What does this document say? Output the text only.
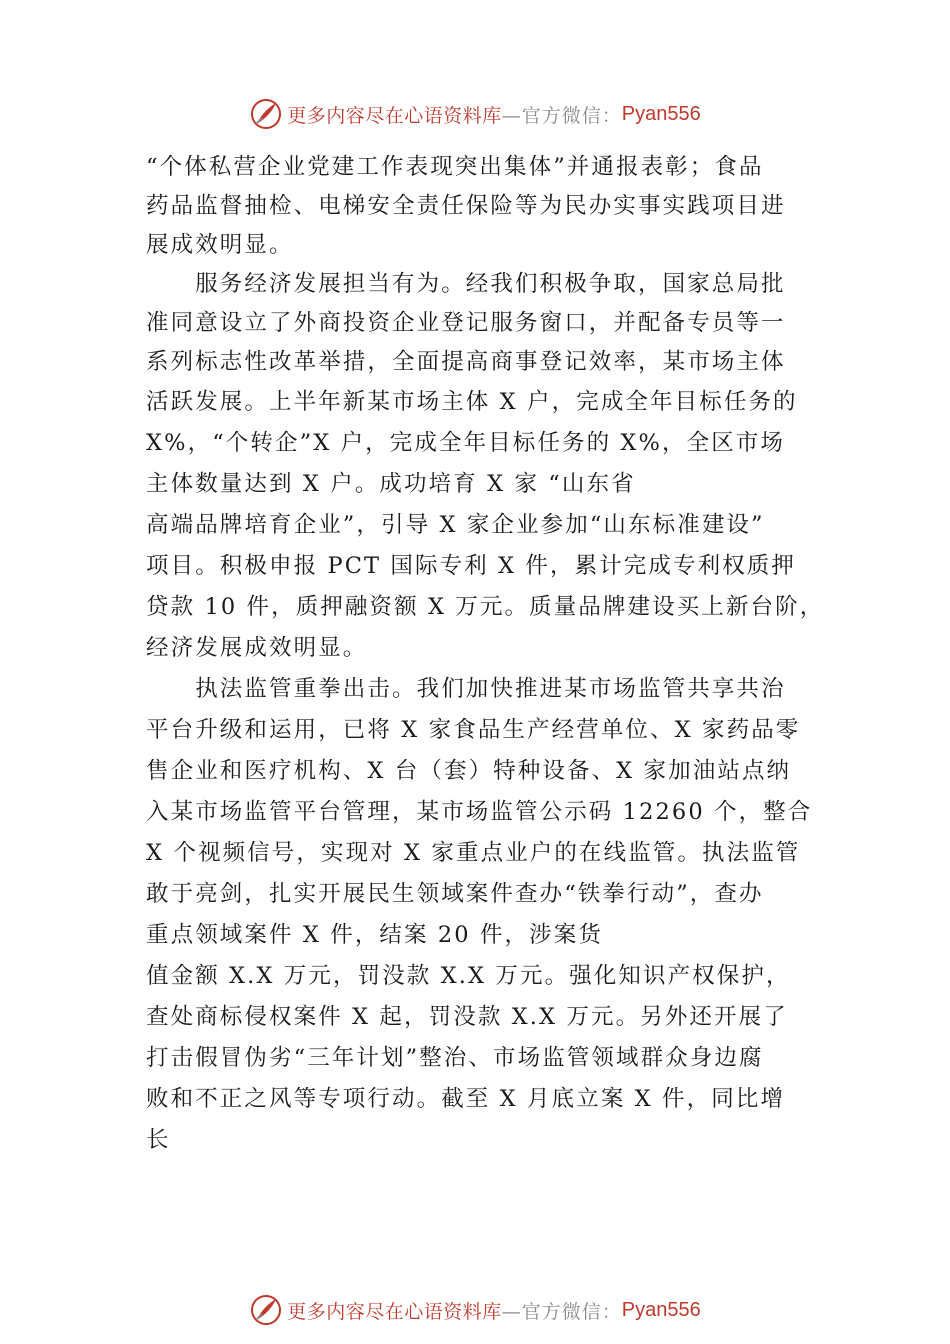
更多内容尽在心语资料库 —官方微信： Pyan556
“个体私营企业党建工作表现突出集体”并通报表彰；食品
药品监督抽检、电梯安全责任保险等为民办实事实践项目进
展成效明显。
　　服务经济发展担当有为。经我们积极争取，国家总局批
准同意设立了外商投资企业登记服务窗口，并配备专员等一
系列标志性改革举措，全面提高商事登记效率，某市场主体
活跃发展。上半年新某市场主体 X 户，完成全年目标任务的
X%，“个转企”X 户，完成全年目标任务的 X%，全区市场
主体数量达到 X 户。成功培育 X 家 “山东省
高端品牌培育企业”，引导 X 家企业参加“山东标准建设”
项目。积极申报 PCT 国际专利 X 件，累计完成专利权质押
贷款 10 件，质押融资额 X 万元。质量品牌建设买上新台阶，
经济发展成效明显。
　　执法监管重拳出击。我们加快推进某市场监管共享共治
平台升级和运用，已将 X 家食品生产经营单位、X 家药品零
售企业和医疗机构、X 台（套）特种设备、X 家加油站点纳
入某市场监管平台管理，某市场监管公示码 12260 个，整合
X 个视频信号，实现对 X 家重点业户的在线监管。执法监管
敢于亮剑，扎实开展民生领域案件查办“铁拳行动”，查办
重点领域案件 X 件，结案 20 件，涉案货
值金额 X.X 万元，罚没款 X.X 万元。强化知识产权保护，
查处商标侵权案件 X 起，罚没款 X.X 万元。另外还开展了
打击假冒伪劣“三年计划”整治、市场监管领域群众身边腐
败和不正之风等专项行动。截至 X 月底立案 X 件，同比增
长
更多内容尽在心语资料库 —官方微信： Pyan556
